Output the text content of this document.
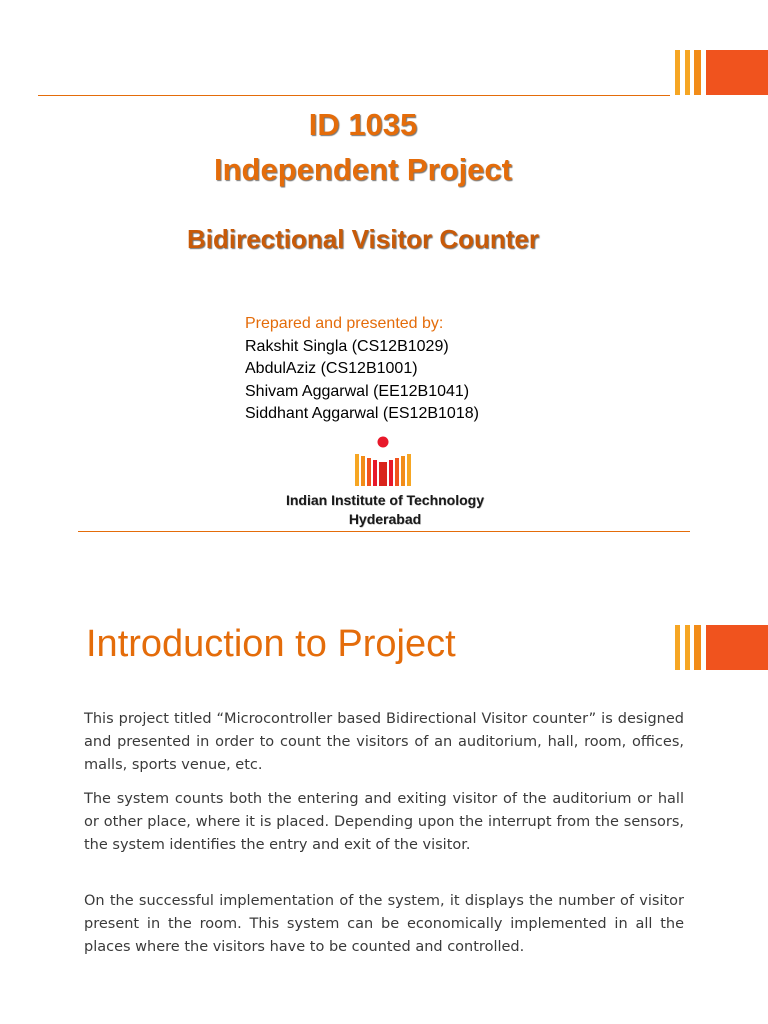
ID 1035
Independent Project
Bidirectional Visitor Counter
Prepared and presented by:
Rakshit Singla (CS12B1029)
AbdulAziz (CS12B1001)
Shivam Aggarwal (EE12B1041)
Siddhant Aggarwal (ES12B1018)
Indian Institute of Technology
Hyderabad
Introduction to Project
This project titled “Microcontroller based Bidirectional Visitor counter” is designed and presented in order to count the visitors of an auditorium, hall, room, offices, malls, sports venue, etc.
The system counts both the entering and exiting visitor of the auditorium or hall or other place, where it is placed. Depending upon the interrupt from the sensors, the system identifies the entry and exit of the visitor.
On the successful implementation of the system, it displays the number of visitor present in the room. This system can be economically implemented in all the places where the visitors have to be counted and controlled.
